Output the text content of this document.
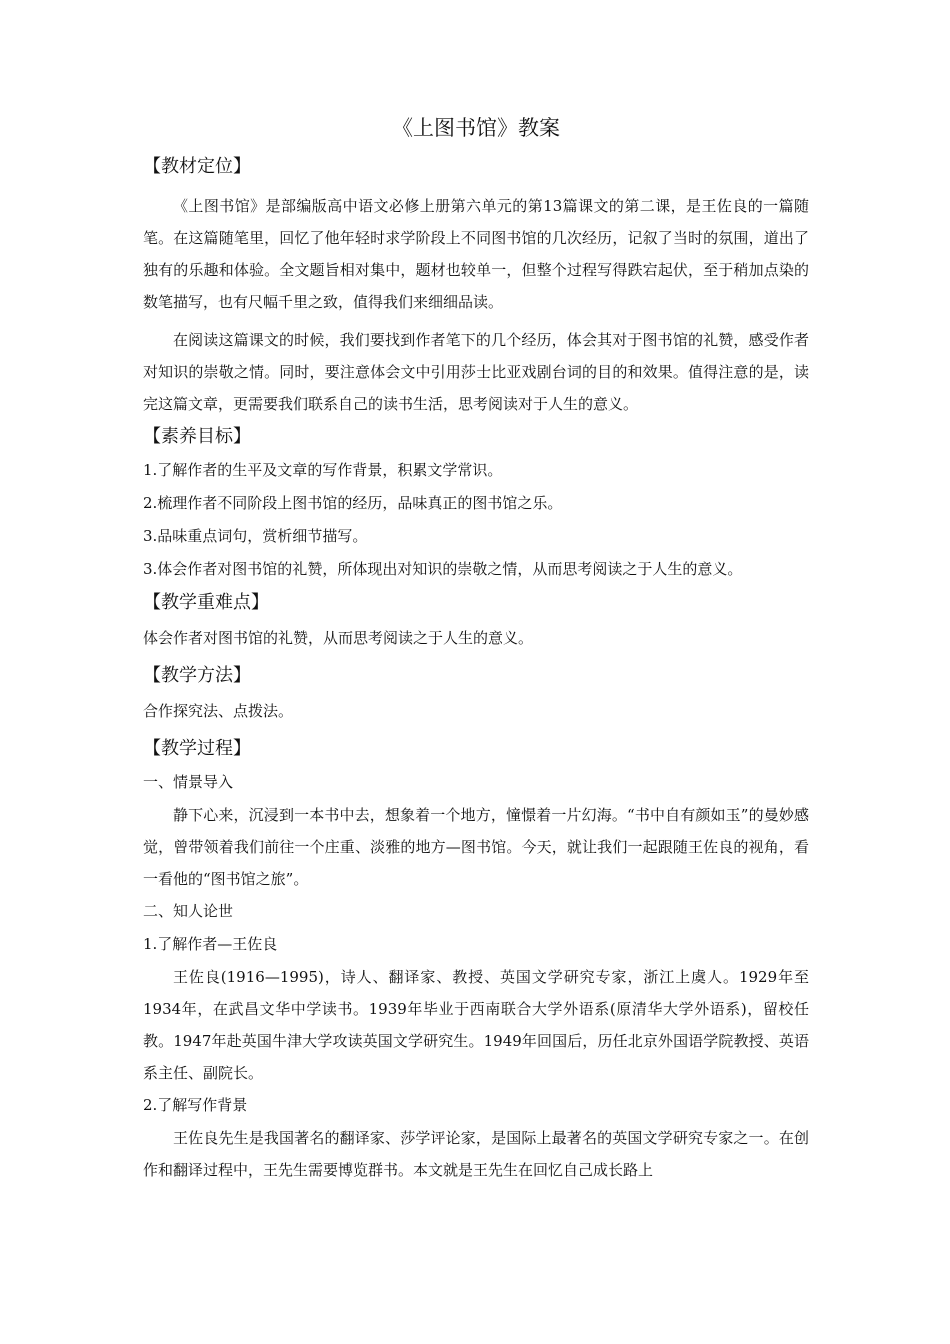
《上图书馆》教案
【教材定位】

《上图书馆》是部编版高中语文必修上册第六单元的第13篇课文的第二课，是王佐良的一篇随笔。在这篇随笔里，回忆了他年轻时求学阶段上不同图书馆的几次经历，记叙了当时的氛围，道出了独有的乐趣和体验。全文题旨相对集中，题材也较单一，但整个过程写得跌宕起伏，至于稍加点染的数笔描写，也有尺幅千里之致，值得我们来细细品读。

在阅读这篇课文的时候，我们要找到作者笔下的几个经历，体会其对于图书馆的礼赞，感受作者对知识的崇敬之情。同时，要注意体会文中引用莎士比亚戏剧台词的目的和效果。值得注意的是，读完这篇文章，更需要我们联系自己的读书生活，思考阅读对于人生的意义。

【素养目标】

1.了解作者的生平及文章的写作背景，积累文学常识。

2.梳理作者不同阶段上图书馆的经历，品味真正的图书馆之乐。

3.品味重点词句，赏析细节描写。

3.体会作者对图书馆的礼赞，所体现出对知识的崇敬之情，从而思考阅读之于人生的意义。

【教学重难点】

体会作者对图书馆的礼赞，从而思考阅读之于人生的意义。

【教学方法】

合作探究法、点拨法。

【教学过程】

一、情景导入

静下心来，沉浸到一本书中去，想象着一个地方，憧憬着一片幻海。“书中自有颜如玉”的曼妙感觉，曾带领着我们前往一个庄重、淡雅的地方—图书馆。今天，就让我们一起跟随王佐良的视角，看一看他的“图书馆之旅”。

二、知人论世

1.了解作者—王佐良

王佐良(1916—1995)，诗人、翻译家、教授、英国文学研究专家，浙江上虞人。1929年至1934年，在武昌文华中学读书。1939年毕业于西南联合大学外语系(原清华大学外语系)，留校任教。1947年赴英国牛津大学攻读英国文学研究生。1949年回国后，历任北京外国语学院教授、英语系主任、副院长。

2.了解写作背景

王佐良先生是我国著名的翻译家、莎学评论家，是国际上最著名的英国文学研究专家之一。在创作和翻译过程中，王先生需要博览群书。本文就是王先生在回忆自己成长路上
